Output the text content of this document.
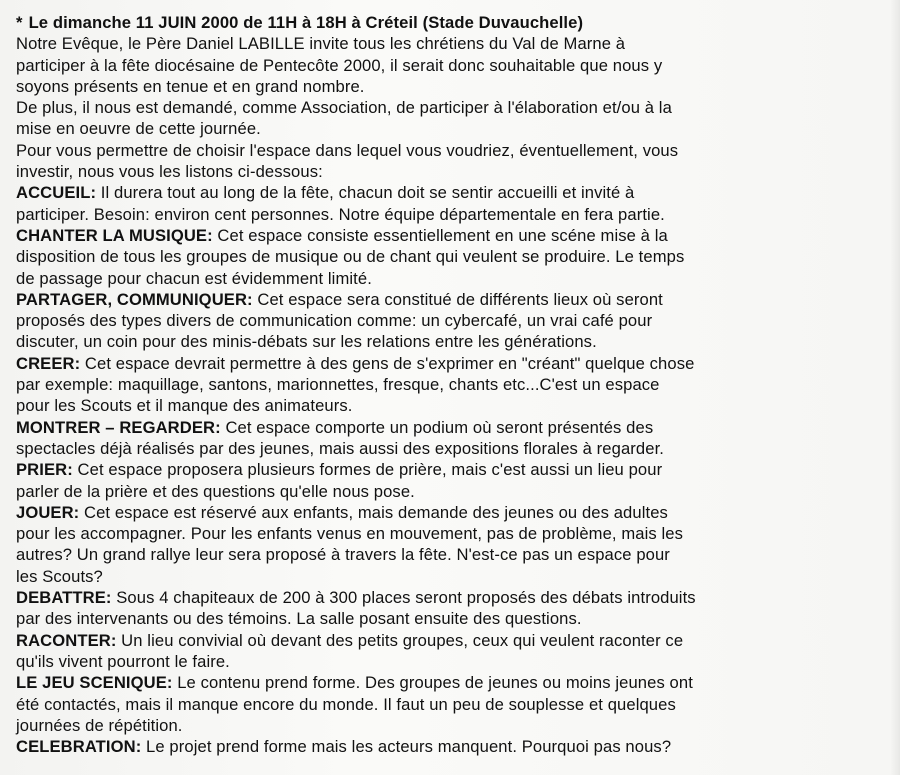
* Le dimanche 11 JUIN 2000 de 11H à 18H à Créteil (Stade Duvauchelle)

Notre Evêque, le Père Daniel LABILLE invite tous les chrétiens du Val de Marne à
participer à la fête diocésaine de Pentecôte 2000, il serait donc souhaitable que nous y
soyons présents en tenue et en grand nombre.
De plus, il nous est demandé, comme Association, de participer à l'élaboration et/ou à la
mise en oeuvre de cette journée.
Pour vous permettre de choisir l'espace dans lequel vous voudriez, éventuellement, vous
investir, nous vous les listons ci-dessous:

ACCUEIL: Il durera tout au long de la fête, chacun doit se sentir accueilli et invité à
participer. Besoin: environ cent personnes. Notre équipe départementale en fera partie.

CHANTER LA MUSIQUE: Cet espace consiste essentiellement en une scéne mise à la
disposition de tous les groupes de musique ou de chant qui veulent se produire. Le temps
de passage pour chacun est évidemment limité.

PARTAGER, COMMUNIQUER: Cet espace sera constitué de différents lieux où seront
proposés des types divers de communication comme: un cybercafé, un vrai café pour
discuter, un coin pour des minis-débats sur les relations entre les générations.

CREER: Cet espace devrait permettre à des gens de s'exprimer en "créant" quelque chose
par exemple: maquillage, santons, marionnettes, fresque, chants etc...C'est un espace
pour les Scouts et il manque des animateurs.

MONTRER – REGARDER: Cet espace comporte un podium où seront présentés des
spectacles déjà réalisés par des jeunes, mais aussi des expositions florales à regarder.

PRIER: Cet espace proposera plusieurs formes de prière, mais c'est aussi un lieu pour
parler de la prière et des questions qu'elle nous pose.

JOUER: Cet espace est réservé aux enfants, mais demande des jeunes ou des adultes
pour les accompagner. Pour les enfants venus en mouvement, pas de problème, mais les
autres? Un grand rallye leur sera proposé à travers la fête. N'est-ce pas un espace pour
les Scouts?

DEBATTRE: Sous 4 chapiteaux de 200 à 300 places seront proposés des débats introduits
par des intervenants ou des témoins. La salle posant ensuite des questions.

RACONTER: Un lieu convivial où devant des petits groupes, ceux qui veulent raconter ce
qu'ils vivent pourront le faire.

LE JEU SCENIQUE: Le contenu prend forme. Des groupes de jeunes ou moins jeunes ont
été contactés, mais il manque encore du monde. Il faut un peu de souplesse et quelques
journées de répétition.

CELEBRATION: Le projet prend forme mais les acteurs manquent. Pourquoi pas nous?
